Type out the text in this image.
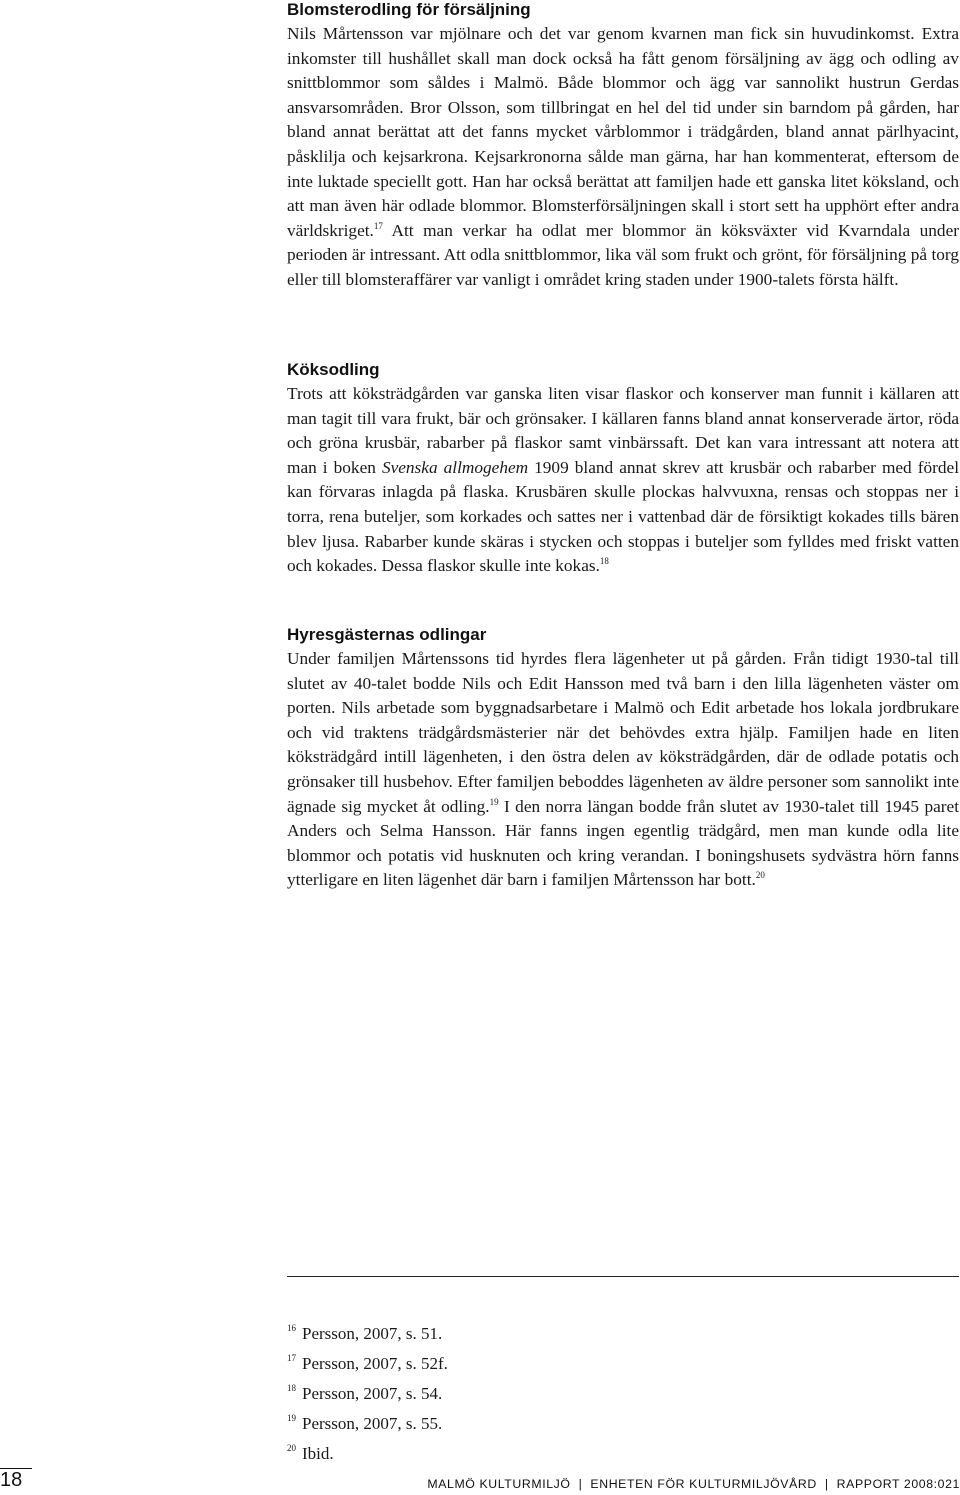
Blomsterodling för försäljning

Nils Mårtensson var mjölnare och det var genom kvarnen man fick sin huvudinkomst. Extra inkomster till hushållet skall man dock också ha fått genom försäljning av ägg och odling av snittblommor som såldes i Malmö. Både blommor och ägg var sannolikt hustrun Gerdas ansvarsområden. Bror Olsson, som tillbringat en hel del tid under sin barndom på gården, har bland annat berättat att det fanns mycket vårblommor i trädgården, bland annat pärlhyacint, påsklilja och kejsarkrona. Kejsarkronorna sålde man gärna, har han kommenterat, eftersom de inte luktade speciellt gott. Han har också berättat att familjen hade ett ganska litet köksland, och att man även här odlade blommor. Blomsterförsäljningen skall i stort sett ha upphört efter andra världskriget.$^{17}$ Att man verkar ha odlat mer blommor än köksväxter vid Kvarndala under perioden är intressant. Att odla snittblommor, lika väl som frukt och grönt, för försäljning på torg eller till blomsteraffärer var vanligt i området kring staden under 1900-talets första hälft.

Köksodling

Trots att köksträdgården var ganska liten visar flaskor och konserver man funnit i källaren att man tagit till vara frukt, bär och grönsaker. I källaren fanns bland annat konserverade ärtor, röda och gröna krusbär, rabarber på flaskor samt vinbärssaft. Det kan vara intressant att notera att man i boken Svenska allmogehem 1909 bland annat skrev att krusbär och rabarber med fördel kan förvaras inlagda på flaska. Krusbären skulle plockas halvvuxna, rensas och stoppas ner i torra, rena buteljer, som korkades och sattes ner i vattenbad där de försiktigt kokades tills bären blev ljusa. Rabarber kunde skäras i stycken och stoppas i buteljer som fylldes med friskt vatten och kokades. Dessa flaskor skulle inte kokas.$^{18}$

Hyresgästernas odlingar

Under familjen Mårtenssons tid hyrdes flera lägenheter ut på gården. Från tidigt 1930-tal till slutet av 40-talet bodde Nils och Edit Hansson med två barn i den lilla lägenheten väster om porten. Nils arbetade som byggnadsarbetare i Malmö och Edit arbetade hos lokala jordbrukare och vid traktens trädgårdsmästerier när det behövdes extra hjälp. Familjen hade en liten köksträdgård intill lägenheten, i den östra delen av köksträdgården, där de odlade potatis och grönsaker till husbehov. Efter familjen beboddes lägenheten av äldre personer som sannolikt inte ägnade sig mycket åt odling.$^{19}$ I den norra längan bodde från slutet av 1930-talet till 1945 paret Anders och Selma Hansson. Här fanns ingen egentlig trädgård, men man kunde odla lite blommor och potatis vid husknuten och kring verandan. I boningshusets sydvästra hörn fanns ytterligare en liten lägenhet där barn i familjen Mårtensson har bott.$^{20}$

$^{16}$ Persson, 2007, s. 51.

$^{17}$ Persson, 2007, s. 52f.

$^{18}$ Persson, 2007, s. 54.

$^{19}$ Persson, 2007, s. 55.

$^{20}$ Ibid.

18	MALMÖ KULTURMILJÖ  |  ENHETEN FÖR KULTURMILJÖVÅRD  |  RAPPORT 2008:021
